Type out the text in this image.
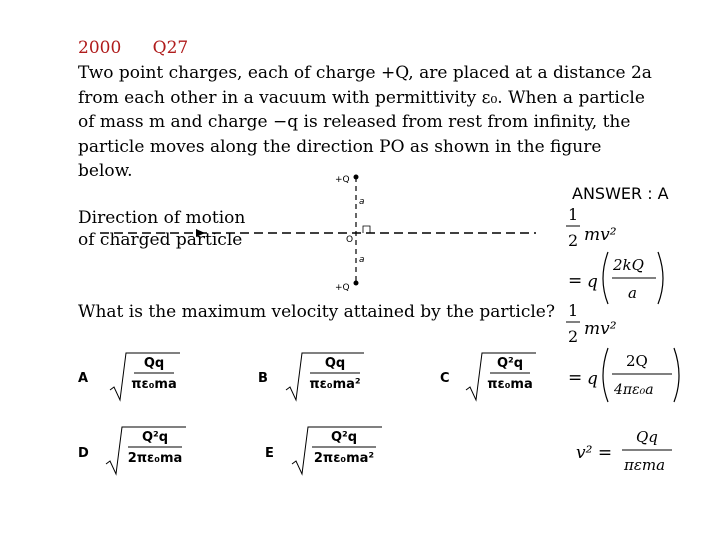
2000 Q27
Two point charges, each of charge +Q, are placed at a distance 2a
from each other in a vacuum with permittivity ε₀. When a particle
of mass m and charge −q is released from rest from infinity, the
particle moves along the direction PO as shown in the figure
below.	+Q
+Q
a
a
O
Direction of motion
of charged particle
What is the maximum velocity attained by the particle?
A
Qq
πε₀ma	B
Qq
πε₀ma²	C
Q²q
πε₀ma
D
Q²q
2πε₀ma	E
Q²q
2πε₀ma²
ANSWER : A
1
2 mv²
= q
2kQ
a
1
2 mv²
= q
2Q
4πε₀a
v² =
Qq
πεma
